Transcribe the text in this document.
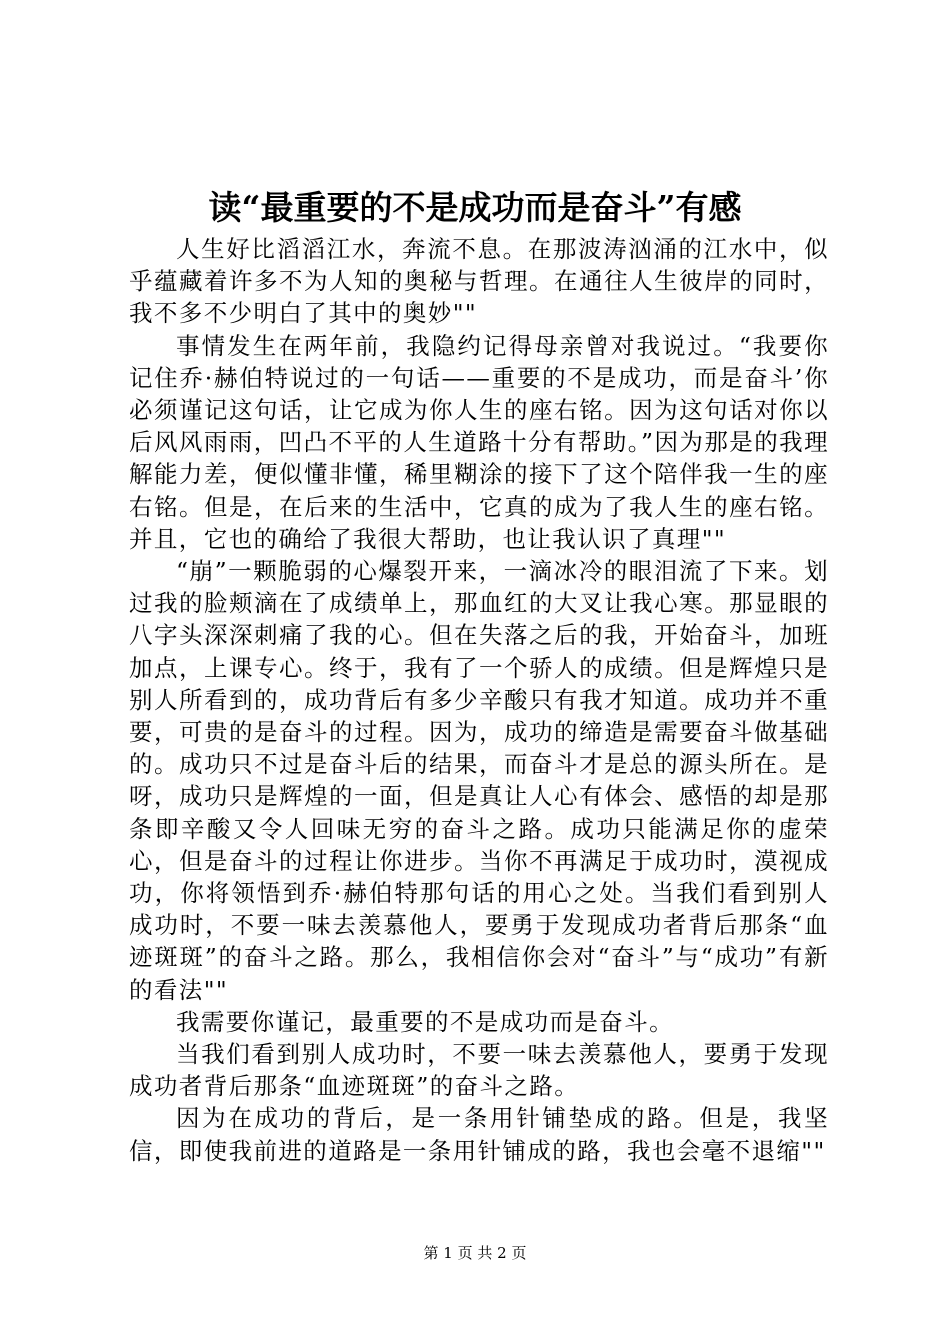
读“最重要的不是成功而是奋斗”有感

人生好比滔滔江水，奔流不息。在那波涛汹涌的江水中，似乎蕴藏着许多不为人知的奥秘与哲理。在通往人生彼岸的同时，我不多不少明白了其中的奥妙""

事情发生在两年前，我隐约记得母亲曾对我说过。“我要你记住乔·赫伯特说过的一句话——重要的不是成功，而是奋斗’你必须谨记这句话，让它成为你人生的座右铭。因为这句话对你以后风风雨雨，凹凸不平的人生道路十分有帮助。”因为那是的我理解能力差，便似懂非懂，稀里糊涂的接下了这个陪伴我一生的座右铭。但是，在后来的生活中，它真的成为了我人生的座右铭。并且，它也的确给了我很大帮助，也让我认识了真理""

“崩”一颗脆弱的心爆裂开来，一滴冰冷的眼泪流了下来。划过我的脸颊滴在了成绩单上，那血红的大叉让我心寒。那显眼的八字头深深刺痛了我的心。但在失落之后的我，开始奋斗，加班加点，上课专心。终于，我有了一个骄人的成绩。但是辉煌只是别人所看到的，成功背后有多少辛酸只有我才知道。成功并不重要，可贵的是奋斗的过程。因为，成功的缔造是需要奋斗做基础的。成功只不过是奋斗后的结果，而奋斗才是总的源头所在。是呀，成功只是辉煌的一面，但是真让人心有体会、感悟的却是那条即辛酸又令人回味无穷的奋斗之路。成功只能满足你的虚荣心，但是奋斗的过程让你进步。当你不再满足于成功时，漠视成功，你将领悟到乔·赫伯特那句话的用心之处。当我们看到别人成功时，不要一味去羡慕他人，要勇于发现成功者背后那条“血迹斑斑”的奋斗之路。那么，我相信你会对“奋斗”与“成功”有新的看法""

我需要你谨记，最重要的不是成功而是奋斗。

当我们看到别人成功时，不要一味去羡慕他人，要勇于发现成功者背后那条“血迹斑斑”的奋斗之路。

因为在成功的背后，是一条用针铺垫成的路。但是，我坚信，即使我前进的道路是一条用针铺成的路，我也会毫不退缩""

第 1 页 共 2 页
